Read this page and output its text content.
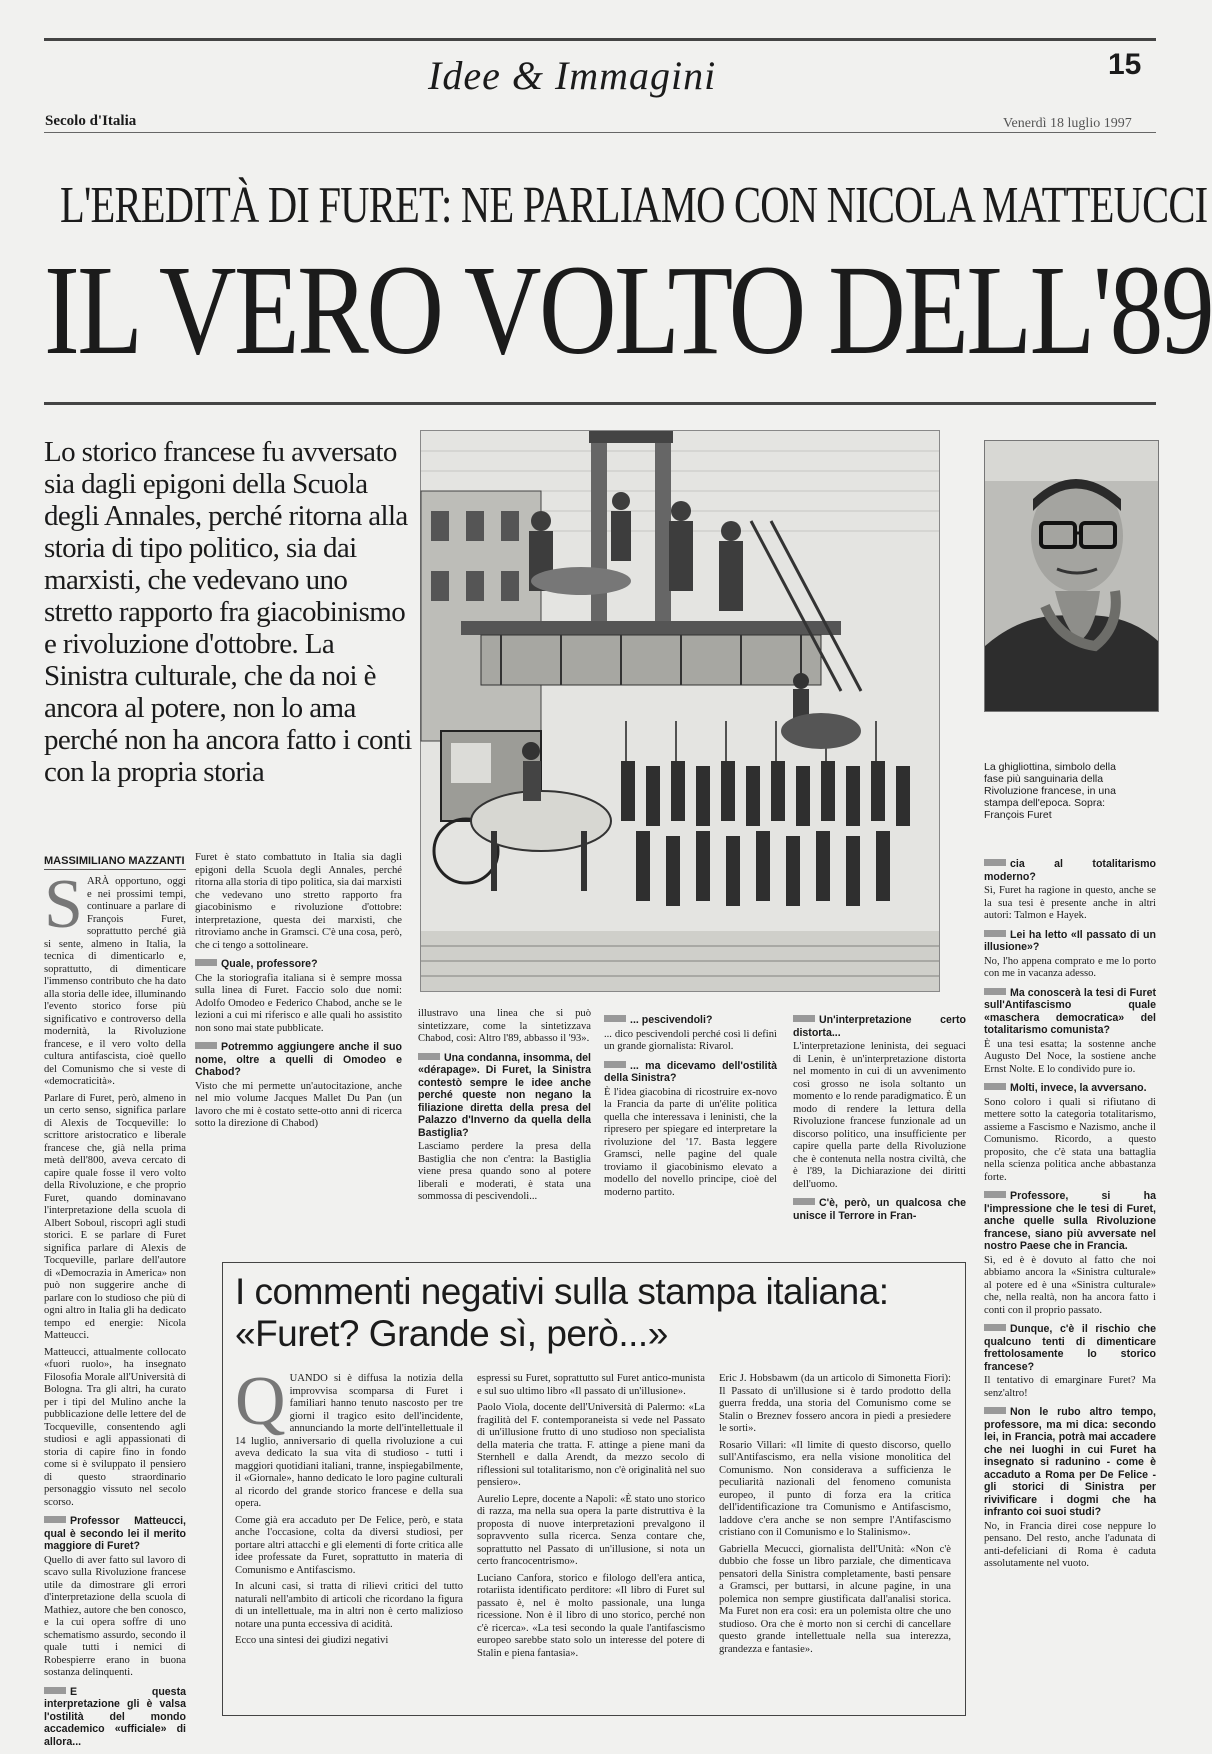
Idee & Immagini	15
Secolo d'Italia	Venerdì 18 luglio 1997
L'EREDITÀ DI FURET: NE PARLIAMO CON NICOLA MATTEUCCI
IL VERO VOLTO DELL'89
Lo storico francese fu avversato sia dagli epigoni della Scuola degli Annales, perché ritorna alla storia di tipo politico, sia dai marxisti, che vedevano uno stretto rapporto fra giacobinismo e rivoluzione d'ottobre. La Sinistra culturale, che da noi è ancora al potere, non lo ama perché non ha ancora fatto i conti con la propria storia	La ghigliottina, simbolo della fase più sanguinaria della Rivoluzione francese, in una stampa dell'epoca. Sopra: François Furet
MASSIMILIANO MAZZANTI
S ARÀ opportuno, oggi e nei prossimi tempi, continuare a parlare di François Furet, soprattutto perché già si sente, almeno in Italia, la tecnica di dimenticarlo e, soprattutto, di dimenticare l'immenso contributo che ha dato alla storia delle idee, illuminando l'evento storico forse più significativo e controverso della modernità, la Rivoluzione francese, e il vero volto della cultura antifascista, cioè quello del Comunismo che si veste di «democraticità».

Parlare di Furet, però, almeno in un certo senso, significa parlare di Alexis de Tocqueville: lo scrittore aristocratico e liberale francese che, già nella prima metà dell'800, aveva cercato di capire quale fosse il vero volto della Rivoluzione, e che proprio Furet, quando dominavano l'interpretazione della scuola di Albert Soboul, riscoprì agli studi storici. E se parlare di Furet significa parlare di Alexis de Tocqueville, parlare dell'autore di «Democrazia in America» non può non suggerire anche di parlare con lo studioso che più di ogni altro in Italia gli ha dedicato tempo ed energie: Nicola Matteucci.

Matteucci, attualmente collocato «fuori ruolo», ha insegnato Filosofia Morale all'Università di Bologna. Tra gli altri, ha curato per i tipi del Mulino anche la pubblicazione delle lettere del de Tocqueville, consentendo agli studiosi e agli appassionati di storia di capire fino in fondo come si è sviluppato il pensiero di questo straordinario personaggio vissuto nel secolo scorso.

Professor Matteucci, qual è secondo lei il merito maggiore di Furet?

Quello di aver fatto sul lavoro di scavo sulla Rivoluzione francese utile da dimostrare gli errori d'interpretazione della scuola di Mathiez, autore che ben conosco, e la cui opera soffre di uno schematismo assurdo, secondo il quale tutti i nemici di Robespierre erano in buona sostanza delinquenti.

E questa interpretazione gli è valsa l'ostilità del mondo accademico «ufficiale» di allora...

Furet è stato combattuto in Italia sia dagli epigoni della Scuola degli Annales, perché ritorna alla storia di tipo politica, sia dai marxisti che vedevano uno stretto rapporto fra giacobinismo e rivoluzione d'ottobre: interpretazione, questa dei marxisti, che ritroviamo anche in Gramsci. C'è una cosa, però, che ci tengo a sottolineare.

Quale, professore?

Che la storiografia italiana si è sempre mossa sulla linea di Furet. Faccio solo due nomi: Adolfo Omodeo e Federico Chabod, anche se le lezioni a cui mi riferisco e alle quali ho assistito non sono mai state pubblicate.

Potremmo aggiungere anche il suo nome, oltre a quelli di Omodeo e Chabod?

Visto che mi permette un'autocitazione, anche nel mio volume Jacques Mallet Du Pan (un lavoro che mi è costato sette-otto anni di ricerca sotto la direzione di Chabod)

illustravo una linea che si può sintetizzare, come la sintetizzava Chabod, così: Altro l'89, abbasso il '93».

Una condanna, insomma, del «dérapage». Di Furet, la Sinistra contestò sempre le idee anche perché queste non negano la filiazione diretta della presa del Palazzo d'Inverno da quella della Bastiglia?

Lasciamo perdere la presa della Bastiglia che non c'entra: la Bastiglia viene presa quando sono al potere liberali e moderati, è stata una sommossa di pescivendoli...

... pescivendoli?

... dico pescivendoli perché così li definì un grande giornalista: Rivarol.

... ma dicevamo dell'ostilità della Sinistra?

È l'idea giacobina di ricostruire ex-novo la Francia da parte di un'élite politica quella che interessava i leninisti, che la ripresero per spiegare ed interpretare la rivoluzione del '17. Basta leggere Gramsci, nelle pagine del quale troviamo il giacobinismo elevato a modello del novello principe, cioè del moderno partito.

Un'interpretazione certo distorta...

L'interpretazione leninista, dei seguaci di Lenin, è un'interpretazione distorta nel momento in cui di un avvenimento così grosso ne isola soltanto un momento e lo rende paradigmatico. È un modo di rendere la lettura della Rivoluzione francese funzionale ad un discorso politico, una insufficiente per capire quella parte della Rivoluzione che è contenuta nella nostra civiltà, che è l'89, la Dichiarazione dei diritti dell'uomo.

C'è, però, un qualcosa che unisce il Terrore in Fran-
cia al totalitarismo moderno?

Sì, Furet ha ragione in questo, anche se la sua tesi è presente anche in altri autori: Talmon e Hayek.

Lei ha letto «Il passato di un illusione»?

No, l'ho appena comprato e me lo porto con me in vacanza adesso.

Ma conoscerà la tesi di Furet sull'Antifascismo quale «maschera democratica» del totalitarismo comunista?

È una tesi esatta; la sostenne anche Augusto Del Noce, la sostiene anche Ernst Nolte. E lo condivido pure io.

Molti, invece, la avversano.

Sono coloro i quali si rifiutano di mettere sotto la categoria totalitarismo, assieme a Fascismo e Nazismo, anche il Comunismo. Ricordo, a questo proposito, che c'è stata una battaglia nella scienza politica anche abbastanza forte.

Professore, si ha l'impressione che le tesi di Furet, anche quelle sulla Rivoluzione francese, siano più avversate nel nostro Paese che in Francia.

Sì, ed è è dovuto al fatto che noi abbiamo ancora la «Sinistra culturale» al potere ed è una «Sinistra culturale» che, nella realtà, non ha ancora fatto i conti con il proprio passato.

Dunque, c'è il rischio che qualcuno tenti di dimenticare frettolosamente lo storico francese?

Il tentativo di emarginare Furet? Ma senz'altro!

Non le rubo altro tempo, professore, ma mi dica: secondo lei, in Francia, potrà mai accadere che nei luoghi in cui Furet ha insegnato si radunino - come è accaduto a Roma per De Felice - gli storici di Sinistra per rivivificare i dogmi che ha infranto coi suoi studi?

No, in Francia direi cose neppure lo pensano. Del resto, anche l'adunata di anti-defeliciani di Roma è caduta assolutamente nel vuoto.

I commenti negativi sulla stampa italiana: «Furet? Grande sì, però...»
Q UANDO si è diffusa la notizia della improvvisa scomparsa di Furet i familiari hanno tenuto nascosto per tre giorni il tragico esito dell'incidente, annunciando la morte dell'intellettuale il 14 luglio, anniversario di quella rivoluzione a cui aveva dedicato la sua vita di studioso - tutti i maggiori quotidiani italiani, tranne, inspiegabilmente, il «Giornale», hanno dedicato le loro pagine culturali al ricordo del grande storico francese e della sua opera.

Come già era accaduto per De Felice, però, e stata anche l'occasione, colta da diversi studiosi, per portare altri attacchi e gli elementi di forte critica alle idee professate da Furet, soprattutto in materia di Comunismo e Antifascismo.

In alcuni casi, si tratta di rilievi critici del tutto naturali nell'ambito di articoli che ricordano la figura di un intellettuale, ma in altri non è certo malizioso notare una punta eccessiva di acidità.

Ecco una sintesi dei giudizi negativi

espressi su Furet, soprattutto sul Furet antico-munista e sul suo ultimo libro «Il passato di un'illusione».

Paolo Viola, docente dell'Università di Palermo: «La fragilità del F. contemporaneista si vede nel Passato di un'illusione frutto di uno studioso non specialista della materia che tratta. F. attinge a piene mani da Sternhell e dalla Arendt, da mezzo secolo di riflessioni sul totalitarismo, non c'è originalità nel suo pensiero».

Aurelio Lepre, docente a Napoli: «È stato uno storico di razza, ma nella sua opera la parte distruttiva è la proposta di nuove interpretazioni prevalgono il sopravvento sulla ricerca. Senza contare che, soprattutto nel Passato di un'illusione, si nota un certo francocentrismo».

Luciano Canfora, storico e filologo dell'era antica, rotariista identificato perditore: «Il libro di Furet sul passato è, nel è molto passionale, una lunga ricessione. Non è il libro di uno storico, perché non c'è ricerca». «La tesi secondo la quale l'antifascismo europeo sarebbe stato solo un interesse del potere di Stalin e piena fantasia».

Eric J. Hobsbawm (da un articolo di Simonetta Fiori): Il Passato di un'illusione si è tardo prodotto della guerra fredda, una storia del Comunismo come se Stalin o Breznev fossero ancora in piedi a presiedere le sorti».

Rosario Villari: «Il limite di questo discorso, quello sull'Antifascismo, era nella visione monolitica del Comunismo. Non considerava a sufficienza le peculiarità nazionali del fenomeno comunista europeo, il punto di forza era la critica dell'identificazione tra Comunismo e Antifascismo, laddove c'era anche se non sempre l'Antifascismo cristiano con il Comunismo e lo Stalinismo».

Gabriella Mecucci, giornalista dell'Unità: «Non c'è dubbio che fosse un libro parziale, che dimenticava pensatori della Sinistra completamente, basti pensare a Gramsci, per buttarsi, in alcune pagine, in una polemica non sempre giustificata dall'analisi storica. Ma Furet non era così: era un polemista oltre che uno studioso. Ora che è morto non si cerchi di cancellare questo grande intellettuale nella sua interezza, grandezza e fantasie».
